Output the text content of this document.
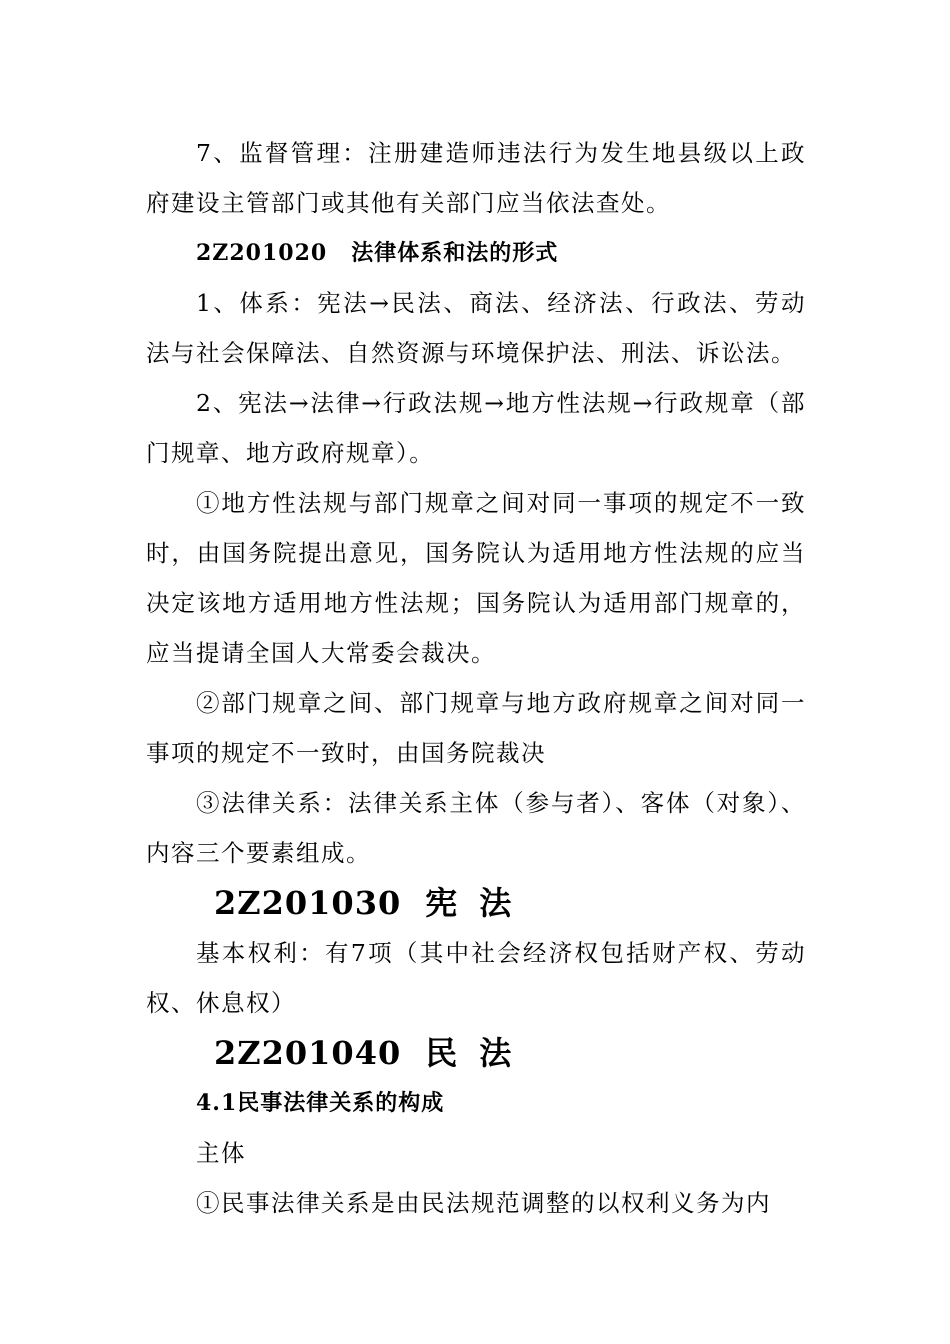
7、监督管理：注册建造师违法行为发生地县级以上政府建设主管部门或其他有关部门应当依法查处。

2Z201020 法律体系和法的形式

1、体系：宪法→民法、商法、经济法、行政法、劳动法与社会保障法、自然资源与环境保护法、刑法、诉讼法。

2、宪法→法律→行政法规→地方性法规→行政规章（部门规章、地方政府规章）。

①地方性法规与部门规章之间对同一事项的规定不一致时，由国务院提出意见，国务院认为适用地方性法规的应当决定该地方适用地方性法规；国务院认为适用部门规章的，应当提请全国人大常委会裁决。

②部门规章之间、部门规章与地方政府规章之间对同一事项的规定不一致时，由国务院裁决

③法律关系：法律关系主体（参与者）、客体（对象）、内容三个要素组成。

2Z201030 宪法

基本权利：有7项（其中社会经济权包括财产权、劳动权、休息权）

2Z201040 民法

4.1民事法律关系的构成

主体

①民事法律关系是由民法规范调整的以权利义务为内
